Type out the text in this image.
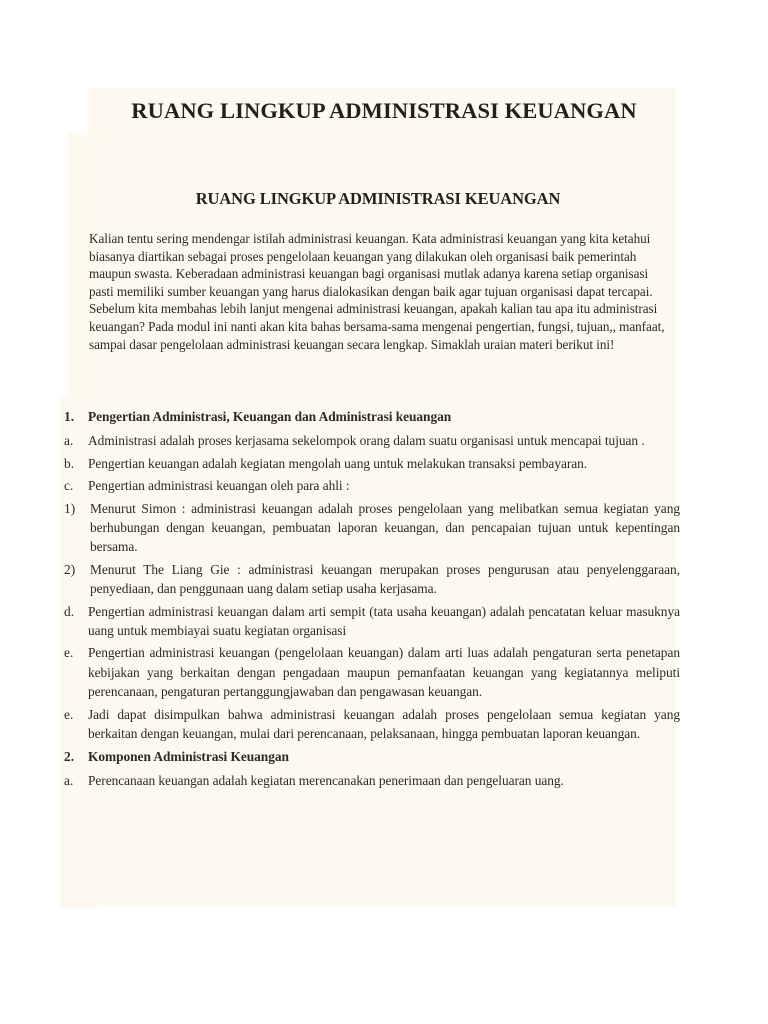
RUANG LINGKUP ADMINISTRASI KEUANGAN
RUANG LINGKUP ADMINISTRASI KEUANGAN
Kalian tentu sering mendengar istilah administrasi keuangan. Kata administrasi keuangan yang kita ketahui biasanya diartikan sebagai proses pengelolaan keuangan yang dilakukan oleh organisasi baik pemerintah maupun swasta. Keberadaan administrasi keuangan bagi organisasi mutlak adanya karena setiap organisasi pasti memiliki sumber keuangan yang harus dialokasikan dengan baik agar tujuan organisasi dapat tercapai. Sebelum kita membahas lebih lanjut mengenai administrasi keuangan, apakah kalian tau apa itu administrasi keuangan? Pada modul ini nanti akan kita bahas bersama-sama mengenai pengertian, fungsi, tujuan,, manfaat, sampai dasar pengelolaan administrasi keuangan secara lengkap. Simaklah uraian materi berikut ini!
1.	Pengertian Administrasi, Keuangan dan Administrasi keuangan
a.	Administrasi adalah proses kerjasama sekelompok orang dalam suatu organisasi untuk mencapai tujuan .
b.	Pengertian keuangan adalah kegiatan mengolah uang untuk melakukan transaksi pembayaran.
c.	Pengertian administrasi keuangan oleh para ahli :
1)	Menurut Simon : administrasi keuangan adalah proses pengelolaan yang melibatkan semua kegiatan yang berhubungan dengan keuangan, pembuatan laporan keuangan, dan pencapaian tujuan untuk kepentingan bersama.
2)	Menurut The Liang Gie : administrasi keuangan merupakan proses pengurusan atau penyelenggaraan, penyediaan, dan penggunaan uang dalam setiap usaha kerjasama.
d.	Pengertian administrasi keuangan dalam arti sempit (tata usaha keuangan) adalah pencatatan keluar masuknya uang untuk membiayai suatu kegiatan organisasi
e.	Pengertian administrasi keuangan (pengelolaan keuangan) dalam arti luas adalah pengaturan serta penetapan kebijakan yang berkaitan dengan pengadaan maupun pemanfaatan keuangan yang kegiatannya meliputi perencanaan, pengaturan pertanggungjawaban dan pengawasan keuangan.
e.	Jadi dapat disimpulkan bahwa administrasi keuangan adalah proses pengelolaan semua kegiatan yang berkaitan dengan keuangan, mulai dari perencanaan, pelaksanaan, hingga pembuatan laporan keuangan.
2.	Komponen Administrasi Keuangan
a.	Perencanaan keuangan adalah kegiatan merencanakan penerimaan dan pengeluaran uang.
